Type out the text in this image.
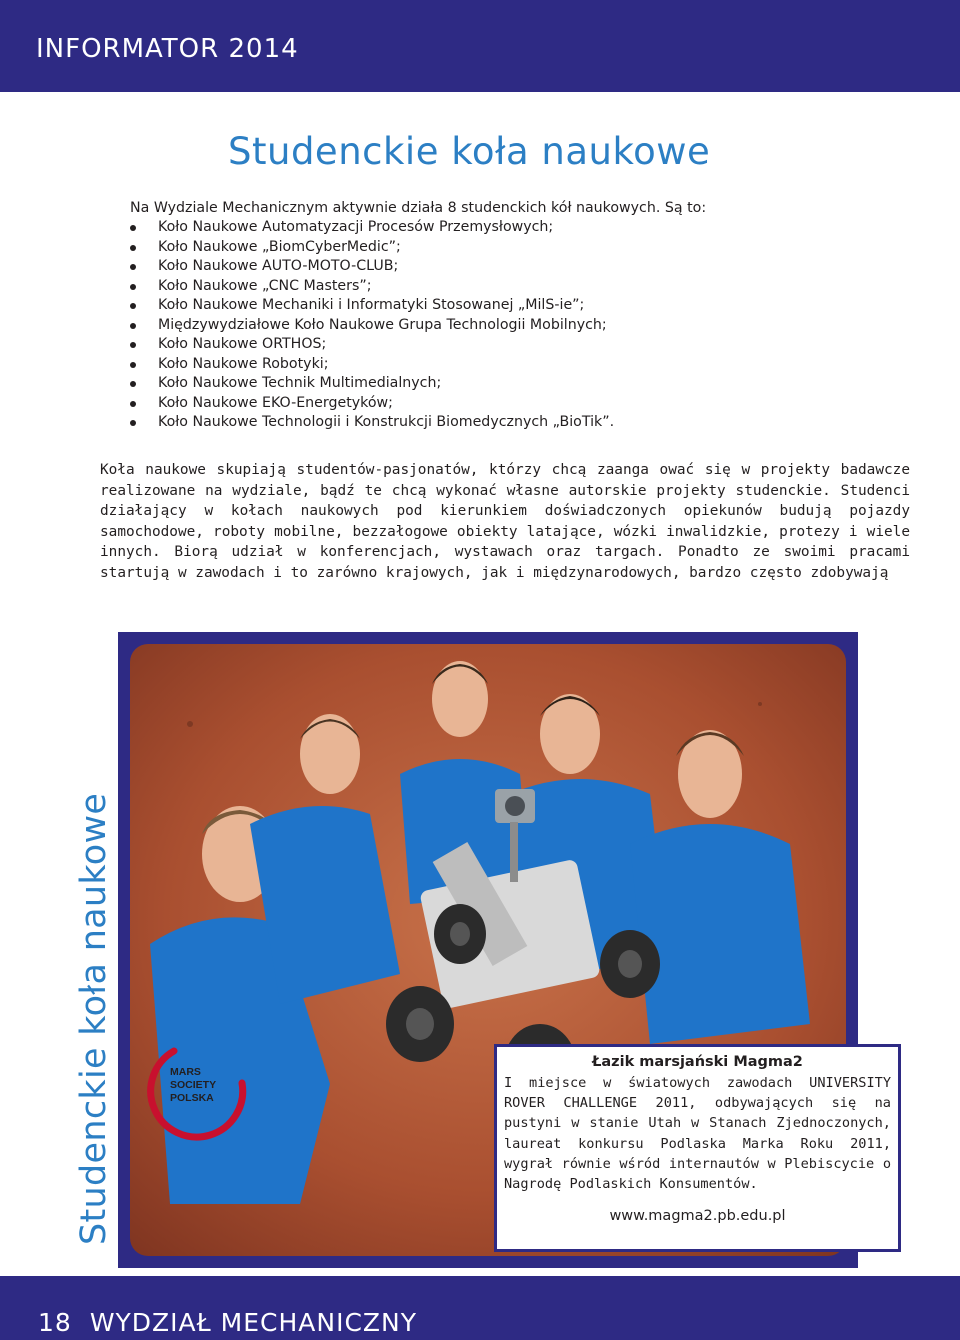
INFORMATOR 2014
Studenckie koła naukowe
Na Wydziale Mechanicznym aktywnie działa 8 studenckich kół naukowych. Są to:
Koło Naukowe Automatyzacji Procesów Przemysłowych;
Koło Naukowe „BiomCyberMedic”;
Koło Naukowe AUTO-MOTO-CLUB;
Koło Naukowe „CNC Masters”;
Koło Naukowe Mechaniki i Informatyki Stosowanej „MilS-ie”;
Międzywydziałowe Koło Naukowe Grupa Technologii Mobilnych;
Koło Naukowe ORTHOS;
Koło Naukowe Robotyki;
Koło Naukowe Technik Multimedialnych;
Koło Naukowe EKO-Energetyków;
Koło Naukowe Technologii i Konstrukcji Biomedycznych „BioTik”.

Koła naukowe skupiają studentów-pasjonatów, którzy chcą zaanga ować się w projekty badawcze realizowane na wydziale, bądź te chcą wykonać własne autorskie projekty studenckie. Studenci działający w kołach naukowych pod kierunkiem doświadczonych opiekunów budują pojazdy samochodowe, roboty mobilne, bezzałogowe obiekty latające, wózki inwalidzkie, protezy i wiele innych. Biorą udział w konferencjach, wystawach oraz targach. Ponadto ze swoimi pracami startują w zawodach i to zarówno krajowych, jak i międzynarodowych, bardzo często zdobywają

MARS
SOCIETY
POLSKA
Łazik marsjański Magma2
I miejsce w światowych zawodach UNIVERSITY ROVER CHALLENGE 2011, odbywających się na pustyni w stanie Utah w Stanach Zjednoczonych, laureat konkursu Podlaska Marka Roku 2011, wygrał równie wśród internautów w Plebiscycie o Nagrodę Podlaskich Konsumentów.
www.magma2.pb.edu.pl
Studenckie koła naukowe
18 WYDZIAŁ MECHANICZNY
